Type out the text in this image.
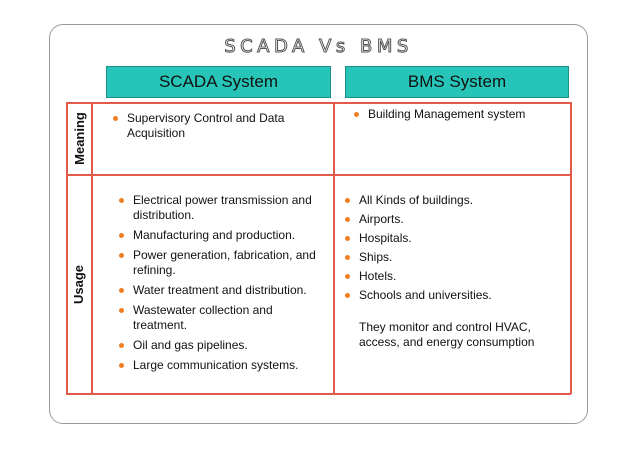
SCADA Vs BMS
SCADA System	BMS System
Meaning
Usage
Supervisory Control and Data Acquisition
Building Management system
Electrical power transmission and distribution.
Manufacturing and production.
Power generation, fabrication, and refining.
Water treatment and distribution.
Wastewater collection and treatment.
Oil and gas pipelines.
Large communication systems.
All Kinds of buildings.
Airports.
Hospitals.
Ships.
Hotels.
Schools and universities.
They monitor and control HVAC, access, and energy consumption
